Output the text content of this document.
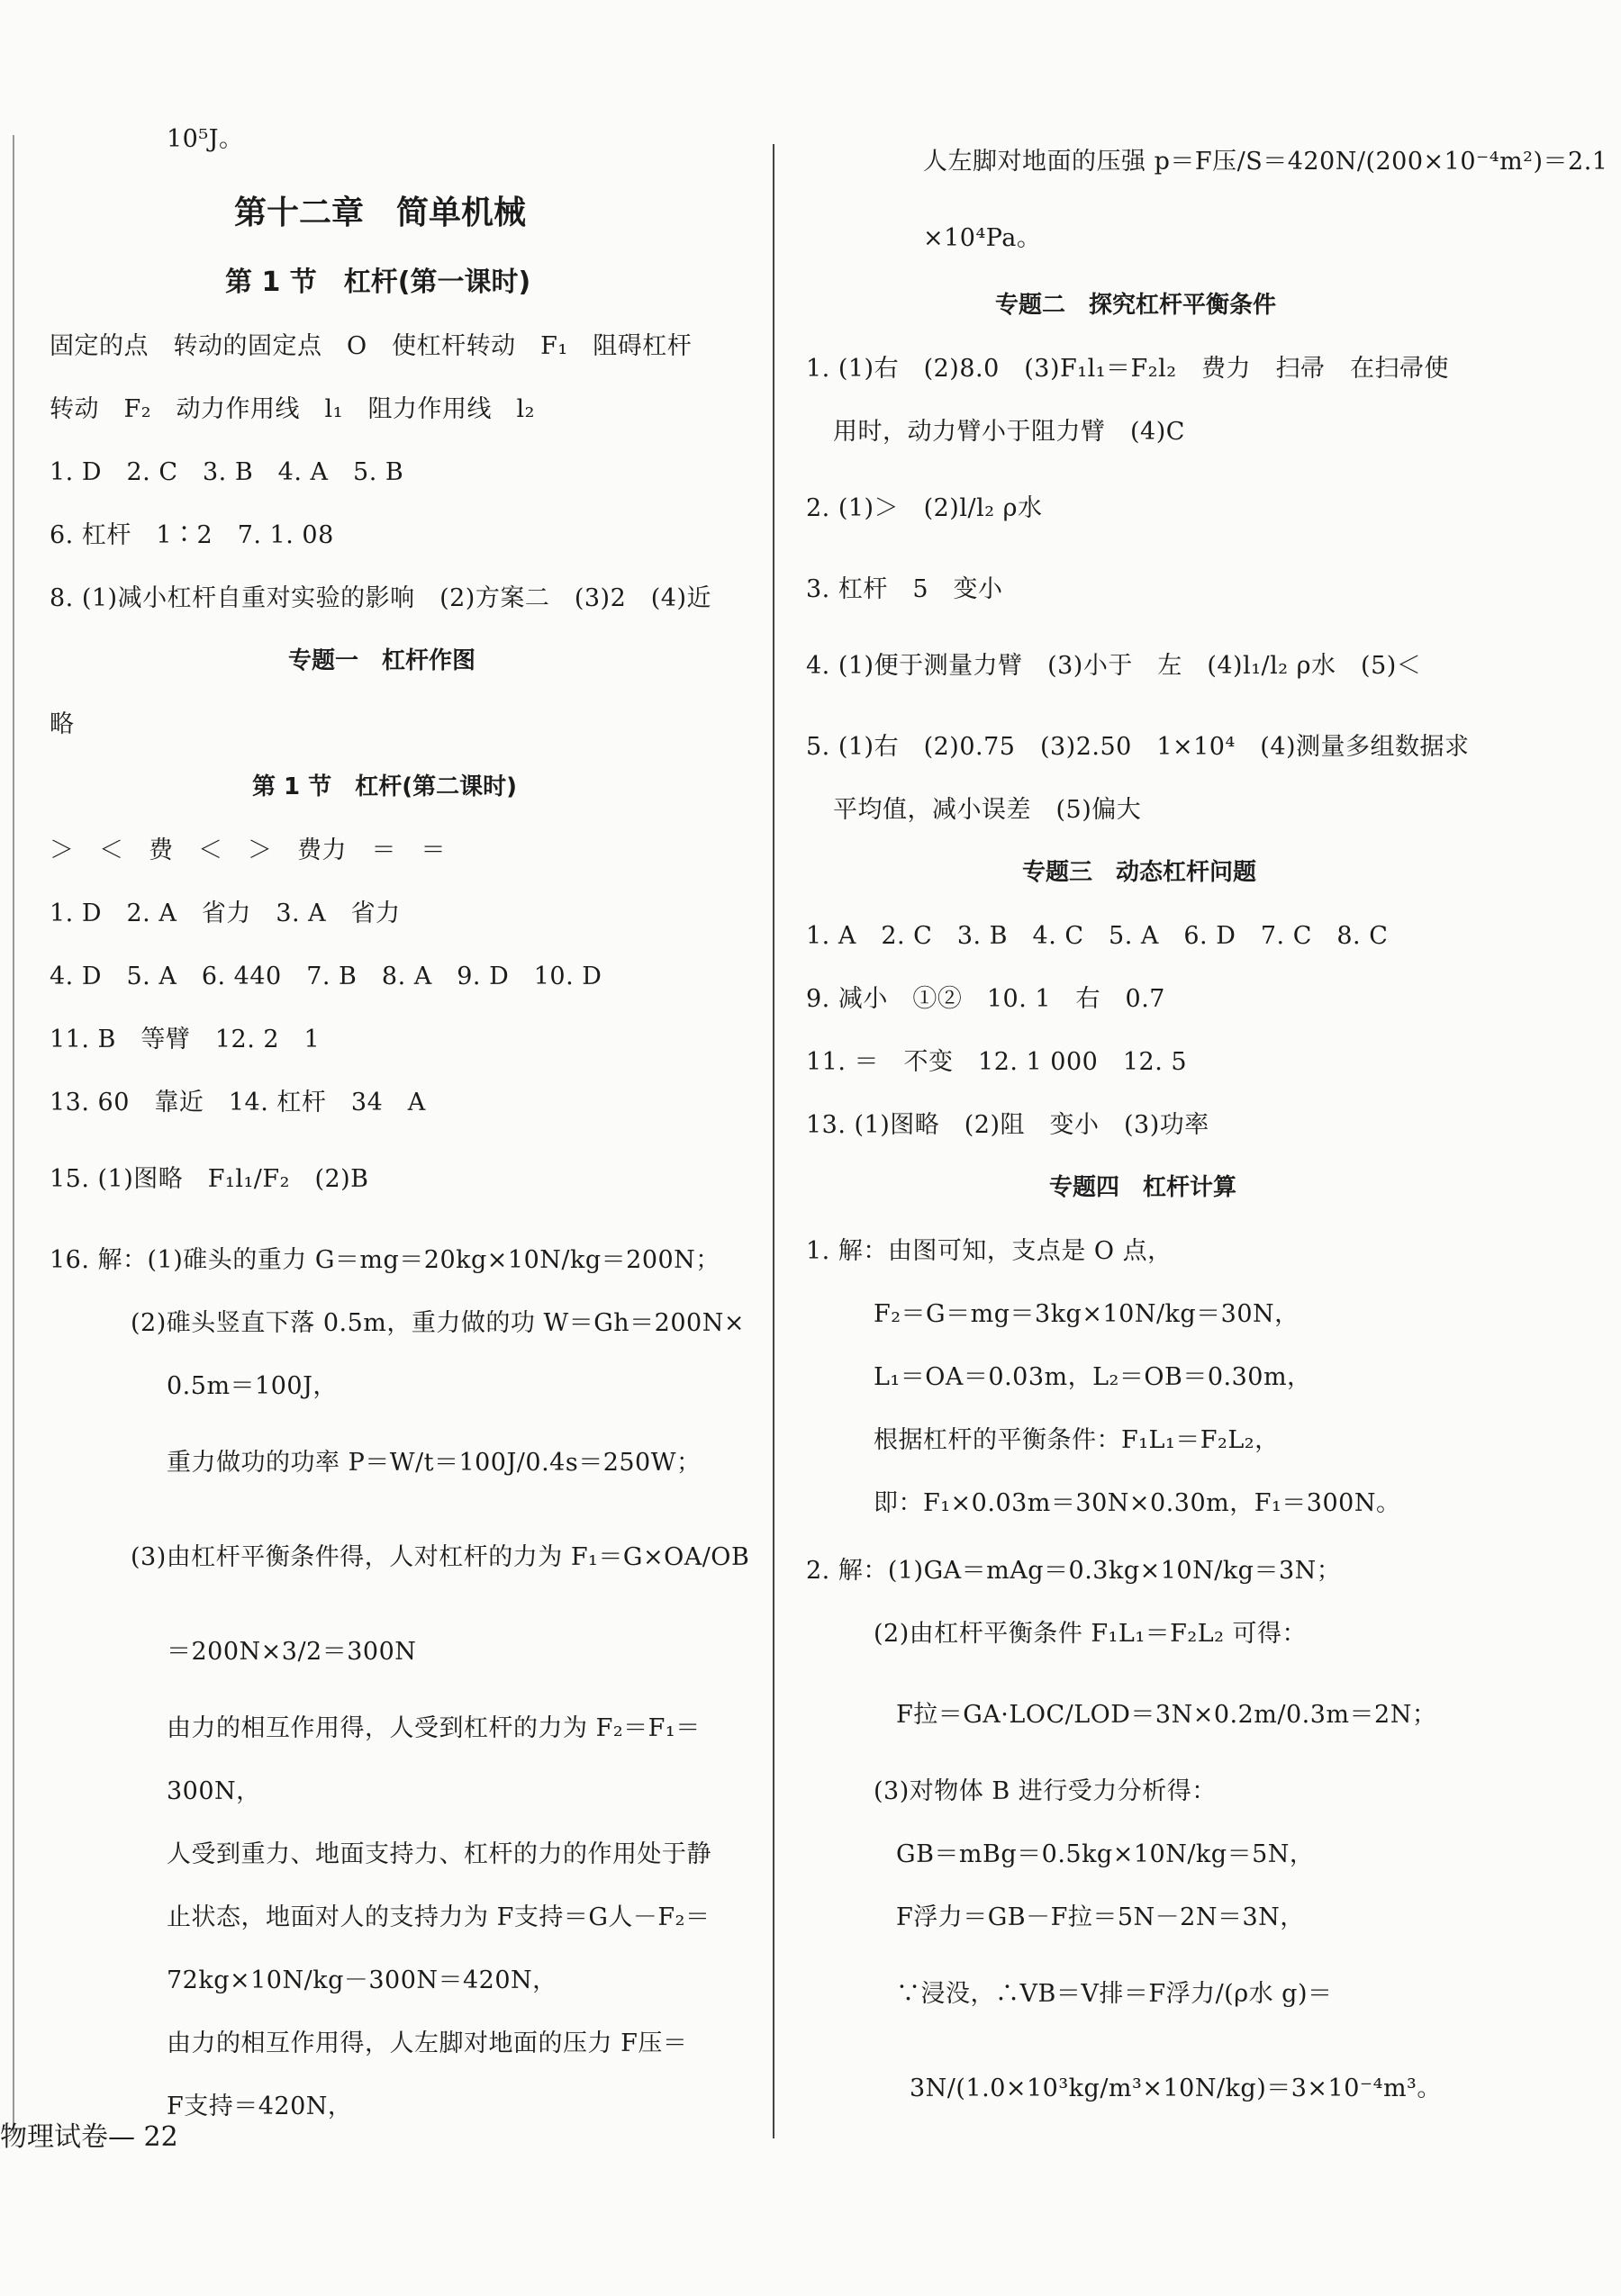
第十二章　简单机械
第 1 节　杠杆(第一课时)
专题一　杠杆作图
第 1 节　杠杆(第二课时)
10⁵J。
固定的点　转动的固定点　O　使杠杆转动　F₁　阻碍杠杆
转动　F₂　动力作用线　l₁　阻力作用线　l₂
1. D　2. C　3. B　4. A　5. B
6. 杠杆　1∶2　7. 1. 08
8. (1)减小杠杆自重对实验的影响　(2)方案二　(3)2　(4)近
略
＞　＜　费　＜　＞　费力　＝　＝
1. D　2. A　省力　3. A　省力
4. D　5. A　6. 440　7. B　8. A　9. D　10. D
11. B　等臂　12. 2　1
13. 60　靠近　14. 杠杆　34　A
15. (1)图略　F₁l₁/F₂　(2)B
16. 解：(1)碓头的重力 G＝mg＝20kg×10N/kg＝200N；
(2)碓头竖直下落 0.5m，重力做的功 W＝Gh＝200N×
0.5m＝100J，
重力做功的功率 P＝W/t＝100J/0.4s＝250W；
(3)由杠杆平衡条件得，人对杠杆的力为 F₁＝G×OA/OB
＝200N×3/2＝300N
由力的相互作用得，人受到杠杆的力为 F₂＝F₁＝
300N，
人受到重力、地面支持力、杠杆的力的作用处于静
止状态，地面对人的支持力为 F支持＝G人－F₂＝
72kg×10N/kg－300N＝420N，
由力的相互作用得，人左脚对地面的压力 F压＝
F支持＝420N，
专题二　探究杠杆平衡条件
专题三　动态杠杆问题
专题四　杠杆计算
人左脚对地面的压强 p＝F压/S＝420N/(200×10⁻⁴m²)＝2.1
×10⁴Pa。
1. (1)右　(2)8.0　(3)F₁l₁＝F₂l₂　费力　扫帚　在扫帚使
用时，动力臂小于阻力臂　(4)C
2. (1)＞　(2)l/l₂ ρ水
3. 杠杆　5　变小
4. (1)便于测量力臂　(3)小于　左　(4)l₁/l₂ ρ水　(5)＜
5. (1)右　(2)0.75　(3)2.50　1×10⁴　(4)测量多组数据求
平均值，减小误差　(5)偏大
1. A　2. C　3. B　4. C　5. A　6. D　7. C　8. C
9. 减小　①②　10. 1　右　0.7
11. ＝　不变　12. 1 000　12. 5
13. (1)图略　(2)阻　变小　(3)功率
1. 解：由图可知，支点是 O 点，
F₂＝G＝mg＝3kg×10N/kg＝30N，
L₁＝OA＝0.03m，L₂＝OB＝0.30m，
根据杠杆的平衡条件：F₁L₁＝F₂L₂，
即：F₁×0.03m＝30N×0.30m，F₁＝300N。
2. 解：(1)GA＝mAg＝0.3kg×10N/kg＝3N；
(2)由杠杆平衡条件 F₁L₁＝F₂L₂ 可得：
F拉＝GA·LOC/LOD＝3N×0.2m/0.3m＝2N；
(3)对物体 B 进行受力分析得：
GB＝mBg＝0.5kg×10N/kg＝5N，
F浮力＝GB－F拉＝5N－2N＝3N，
∵浸没，∴VB＝V排＝F浮力/(ρ水 g)＝
3N/(1.0×10³kg/m³×10N/kg)＝3×10⁻⁴m³。
物理试卷— 22
